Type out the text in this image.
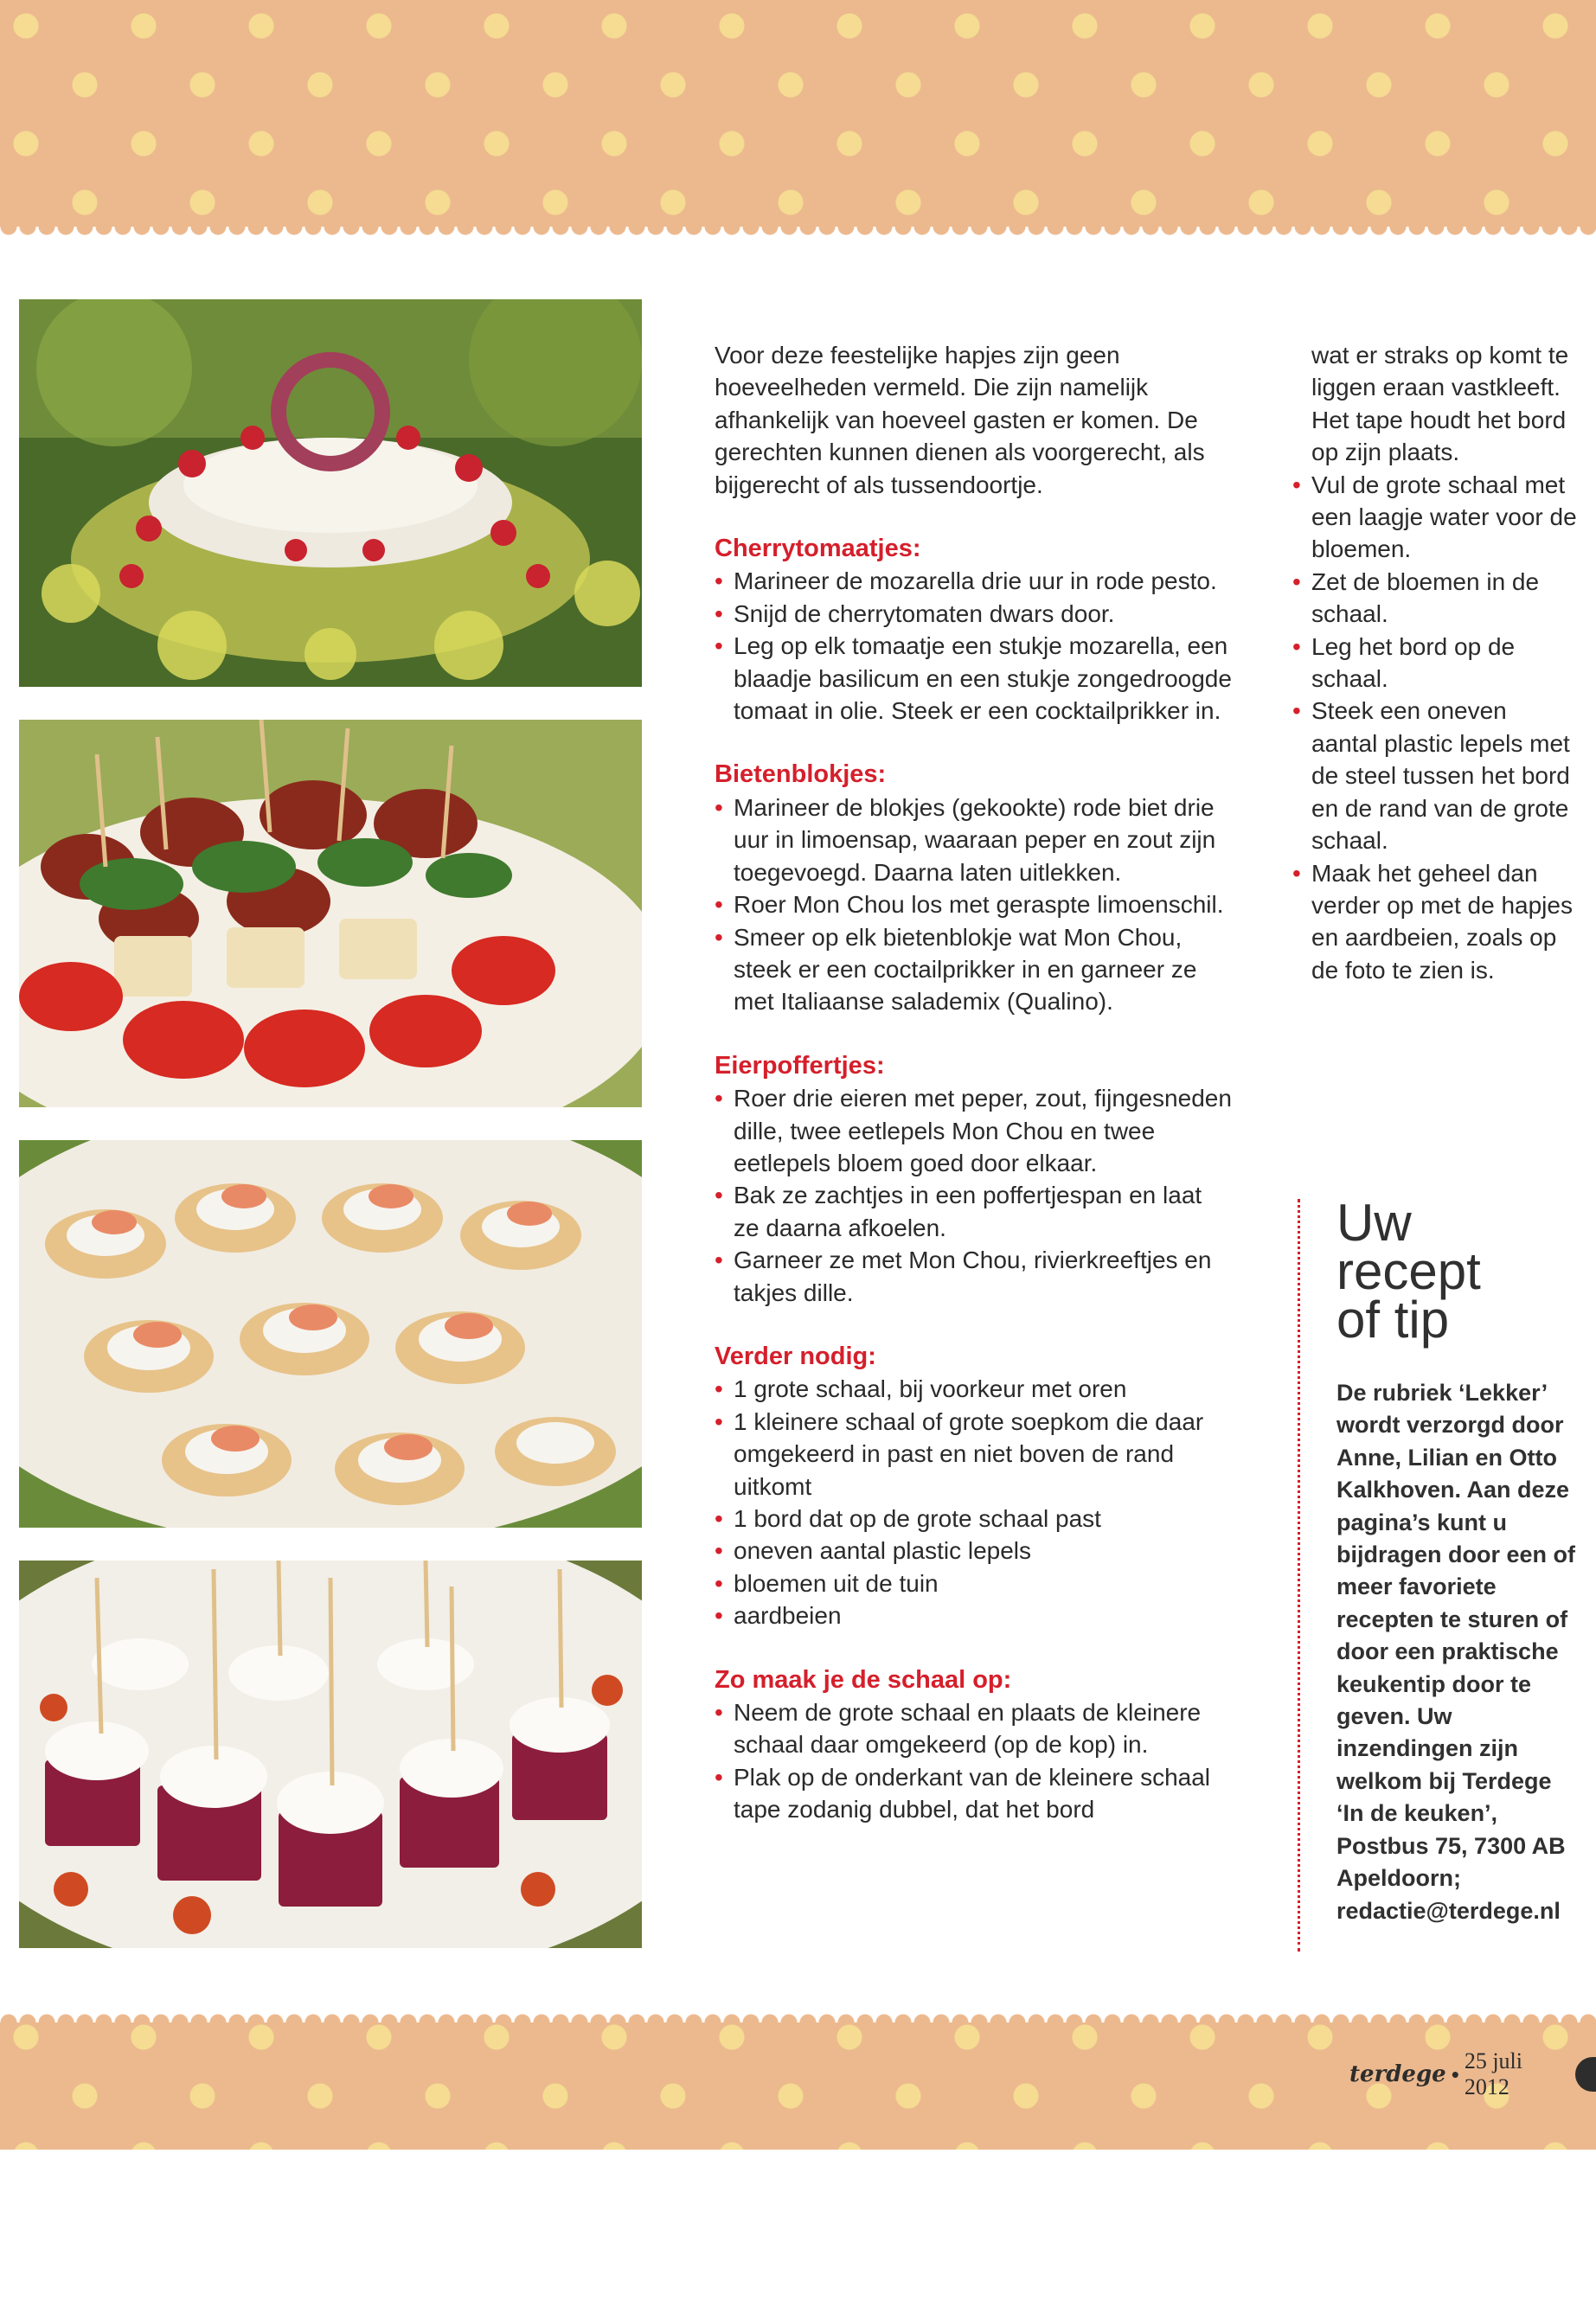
Voor deze feestelijke hapjes zijn geen hoeveelheden vermeld. Die zijn namelijk afhankelijk van hoeveel gasten er komen. De gerechten kunnen dienen als voorgerecht, als bijgerecht of als tussendoortje.

Cherrytomaatjes:
• Marineer de mozarella drie uur in rode pesto.
• Snijd de cherrytomaten dwars door.
• Leg op elk tomaatje een stukje mozarella, een blaadje basilicum en een stukje zongedroogde tomaat in olie. Steek er een cocktailprikker in.
Bietenblokjes:
• Marineer de blokjes (gekookte) rode biet drie uur in limoensap, waaraan peper en zout zijn toegevoegd. Daarna laten uitlekken.
• Roer Mon Chou los met geraspte limoenschil.
• Smeer op elk bietenblokje wat Mon Chou, steek er een coctailprikker in en garneer ze met Italiaanse salademix (Qualino).
Eierpoffertjes:
• Roer drie eieren met peper, zout, fijngesneden dille, twee eetlepels Mon Chou en twee eetlepels bloem goed door elkaar.
• Bak ze zachtjes in een poffertjespan en laat ze daarna afkoelen.
• Garneer ze met Mon Chou, rivierkreeftjes en takjes dille.
Verder nodig:
• 1 grote schaal, bij voorkeur met oren
• 1 kleinere schaal of grote soepkom die daar omgekeerd in past en niet boven de rand uitkomt
• 1 bord dat op de grote schaal past
• oneven aantal plastic lepels
• bloemen uit de tuin
• aardbeien
Zo maak je de schaal op:
• Neem de grote schaal en plaats de kleinere schaal daar omgekeerd (op de kop) in.
• Plak op de onderkant van de kleinere schaal tape zodanig dubbel, dat het bord
wat er straks op komt te liggen eraan vastkleeft. Het tape houdt het bord op zijn plaats.
• Vul de grote schaal met een laagje water voor de bloemen.
• Zet de bloemen in de schaal.
• Leg het bord op de schaal.
• Steek een oneven aantal plastic lepels met de steel tussen het bord en de rand van de grote schaal.
• Maak het geheel dan verder op met de hapjes en aardbeien, zoals op de foto te zien is.
Uw
recept
of tip
De rubriek ‘Lekker’ wordt verzorgd door Anne, Lilian en Otto Kalkhoven. Aan deze pagina’s kunt u bijdragen door een of meer favoriete recepten te sturen of door een praktische keukentip door te geven. Uw inzendingen zijn welkom bij Terdege ‘In de keuken’, Postbus 75, 7300 AB Apeldoorn; redactie@terdege.nl
terdege • 25 juli 2012
